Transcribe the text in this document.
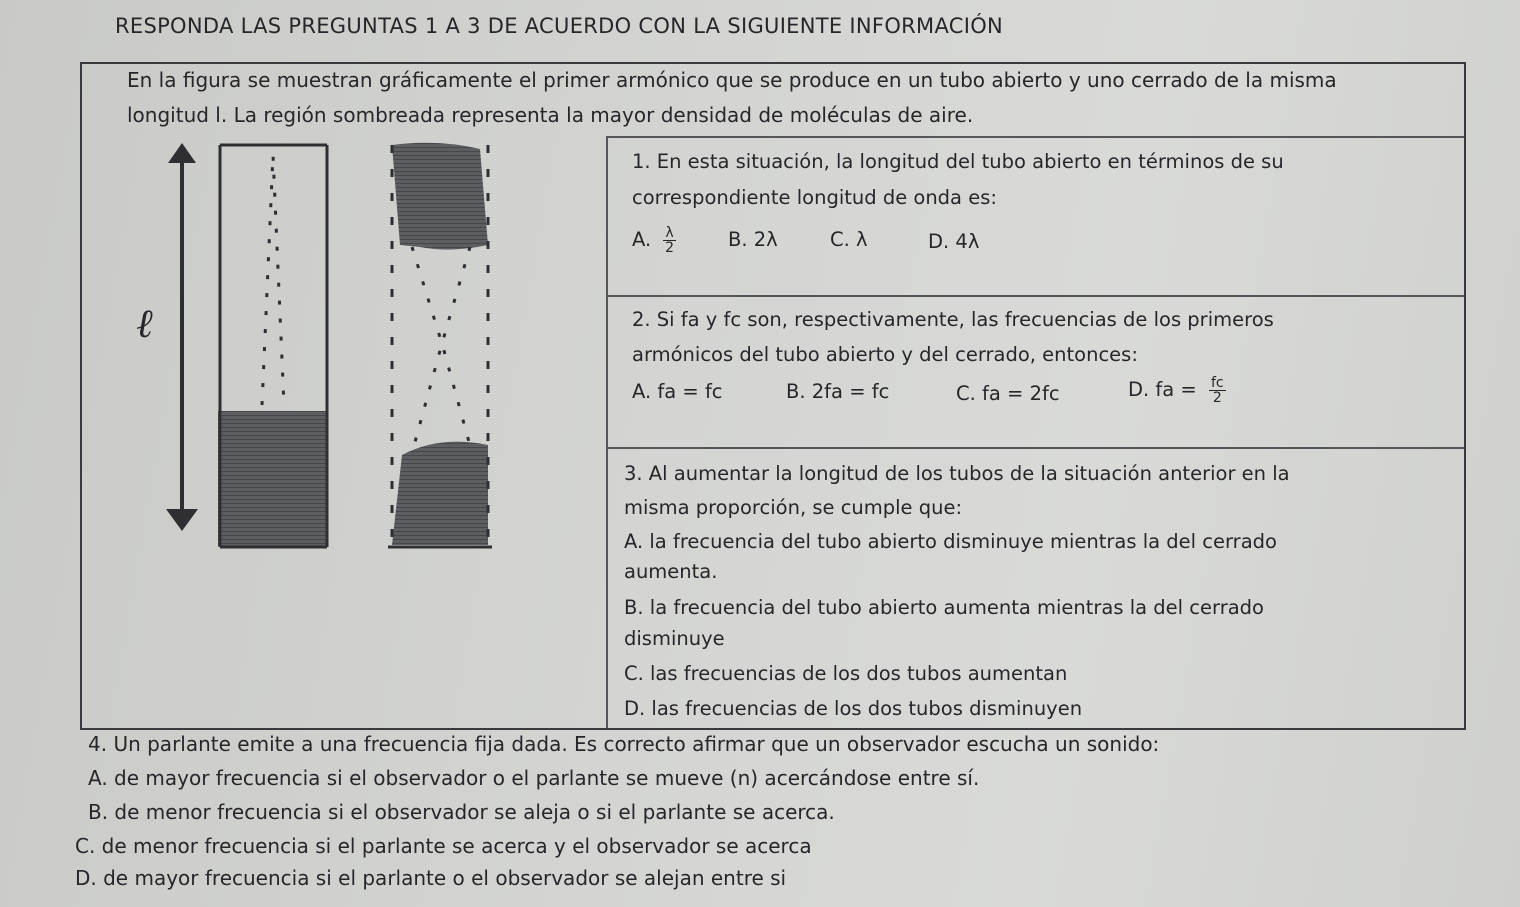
RESPONDA LAS PREGUNTAS 1 A 3 DE ACUERDO CON LA SIGUIENTE INFORMACIÓN
En la figura se muestran gráficamente el primer armónico que se produce en un tubo abierto y uno cerrado de la misma
longitud l. La región sombreada representa la mayor densidad de moléculas de aire.
ℓ
1. En esta situación, la longitud del tubo abierto en términos de su
correspondiente longitud de onda es:
A. $\frac{\lambda}{2}$	B. 2λ	C. λ	D. 4λ
2. Si fa y fc son, respectivamente, las frecuencias de los primeros
armónicos del tubo abierto y del cerrado, entonces:
A. fa = fc	B. 2fa = fc	C. fa = 2fc	D. fa = $\frac{fc}{2}$
3. Al aumentar la longitud de los tubos de la situación anterior en la
misma proporción, se cumple que:
A. la frecuencia del tubo abierto disminuye mientras la del cerrado
aumenta.
B. la frecuencia del tubo abierto aumenta mientras la del cerrado
disminuye
C. las frecuencias de los dos tubos aumentan
D. las frecuencias de los dos tubos disminuyen
4. Un parlante emite a una frecuencia fija dada. Es correcto afirmar que un observador escucha un sonido:
A. de mayor frecuencia si el observador o el parlante se mueve (n) acercándose entre sí.
B. de menor frecuencia si el observador se aleja o si el parlante se acerca.
C. de menor frecuencia si el parlante se acerca y el observador se acerca
D. de mayor frecuencia si el parlante o el observador se alejan entre si
